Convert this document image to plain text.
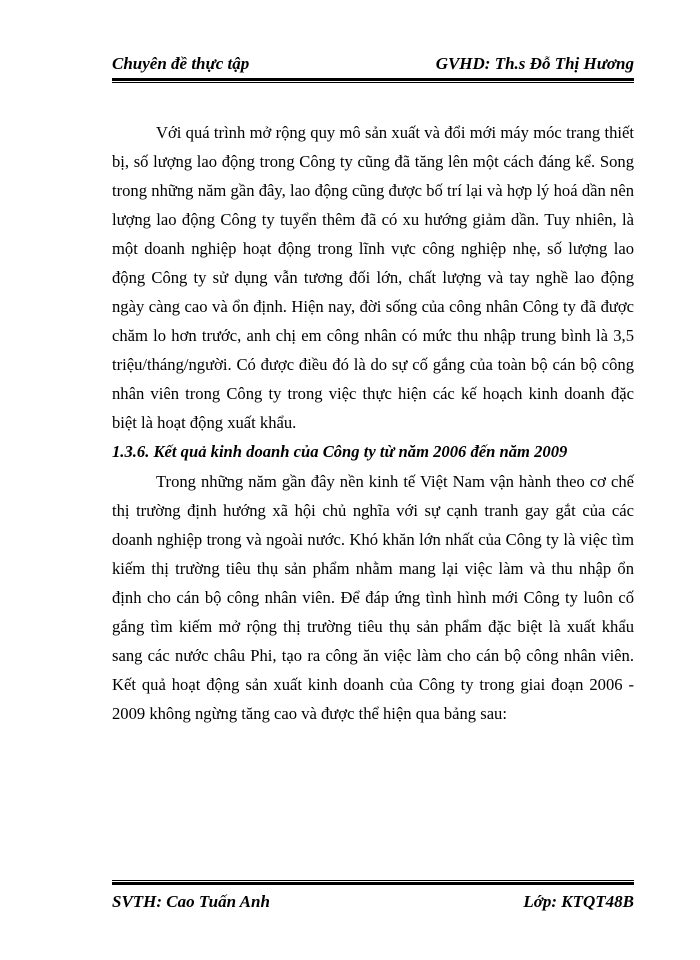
Chuyên đề thực tập	GVHD: Th.s Đỗ Thị Hương

Với quá trình mở rộng quy mô sản xuất và đổi mới máy móc trang thiết bị, số lượng lao động trong Công ty cũng đã tăng lên một cách đáng kể. Song trong những năm gần đây, lao động cũng được bố trí lại và hợp lý hoá dần nên lượng lao động Công ty tuyển thêm đã có xu hướng giảm dần. Tuy nhiên, là một doanh nghiệp hoạt động trong lĩnh vực công nghiệp nhẹ, số lượng lao động Công ty sử dụng vẫn tương đối lớn, chất lượng và tay nghề lao động ngày càng cao và ổn định. Hiện nay, đời sống của công nhân Công ty đã được chăm lo hơn trước, anh chị em công nhân có mức thu nhập trung bình là 3,5 triệu/tháng/người. Có được điều đó là do sự cố gắng của toàn bộ cán bộ công nhân viên trong Công ty trong việc thực hiện các kế hoạch kinh doanh đặc biệt là hoạt động xuất khẩu.

1.3.6. Kết quả kinh doanh của Công ty từ năm 2006 đến năm 2009

Trong những năm gần đây nền kinh tế Việt Nam vận hành theo cơ chế thị trường định hướng xã hội chủ nghĩa với sự cạnh tranh gay gắt của các doanh nghiệp trong và ngoài nước. Khó khăn lớn nhất của Công ty là việc tìm kiếm thị trường tiêu thụ sản phẩm nhằm mang lại việc làm và thu nhập ổn định cho cán bộ công nhân viên. Để đáp ứng tình hình mới Công ty luôn cố gắng tìm kiếm mở rộng thị trường tiêu thụ sản phẩm đặc biệt là xuất khẩu sang các nước châu Phi, tạo ra công ăn việc làm cho cán bộ công nhân viên. Kết quả hoạt động sản xuất kinh doanh của Công ty trong giai đoạn 2006 - 2009 không ngừng tăng cao và được thể hiện qua bảng sau:

SVTH: Cao Tuấn Anh	Lớp: KTQT48B
